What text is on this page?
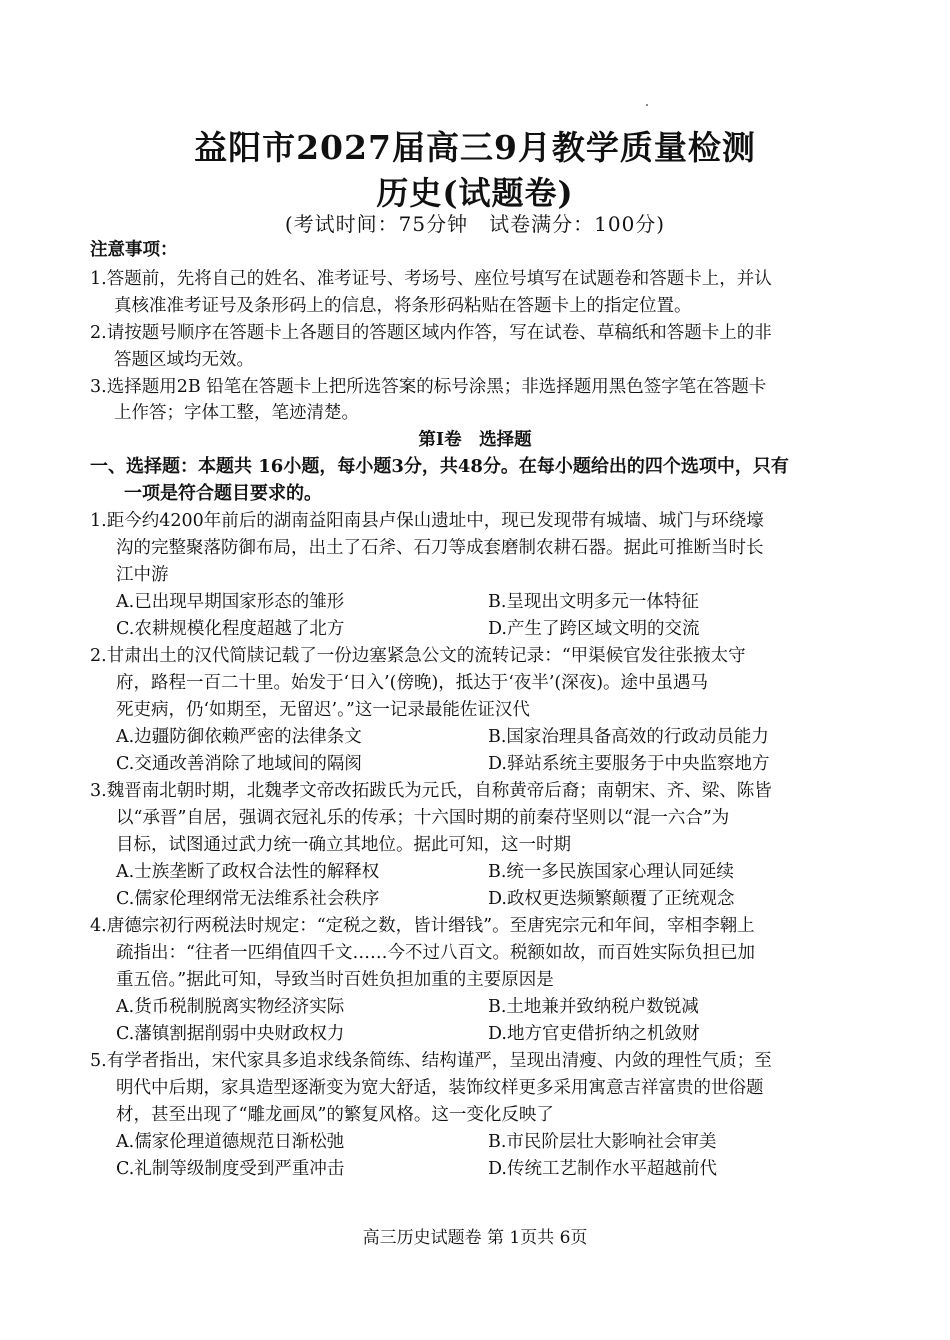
益阳市2027届高三9月教学质量检测
历史(试题卷)
(考试时间：75分钟　试卷满分：100分)
注意事项：
1.答题前，先将自己的姓名、准考证号、考场号、座位号填写在试题卷和答题卡上，并认
真核准准考证号及条形码上的信息，将条形码粘贴在答题卡上的指定位置。
2.请按题号顺序在答题卡上各题目的答题区域内作答，写在试卷、草稿纸和答题卡上的非
答题区域均无效。
3.选择题用2B 铅笔在答题卡上把所选答案的标号涂黑；非选择题用黑色签字笔在答题卡
上作答；字体工整，笔迹清楚。
第Ⅰ卷　选择题
一、选择题：本题共 16小题，每小题3分，共48分。在每小题给出的四个选项中，只有
一项是符合题目要求的。
1.距今约4200年前后的湖南益阳南县卢保山遗址中，现已发现带有城墙、城门与环绕壕
沟的完整聚落防御布局，出土了石斧、石刀等成套磨制农耕石器。据此可推断当时长
江中游
A.已出现早期国家形态的雏形	B.呈现出文明多元一体特征
C.农耕规模化程度超越了北方	D.产生了跨区域文明的交流
2.甘肃出土的汉代简牍记载了一份边塞紧急公文的流转记录：“甲渠候官发往张掖太守
府，路程一百二十里。始发于‘日入’(傍晚)，抵达于‘夜半’(深夜)。途中虽遇马
死吏病，仍‘如期至，无留迟’。”这一记录最能佐证汉代
A.边疆防御依赖严密的法律条文	B.国家治理具备高效的行政动员能力
C.交通改善消除了地域间的隔阂	D.驿站系统主要服务于中央监察地方
3.魏晋南北朝时期，北魏孝文帝改拓跋氏为元氏，自称黄帝后裔；南朝宋、齐、梁、陈皆
以“承晋”自居，强调衣冠礼乐的传承；十六国时期的前秦苻坚则以“混一六合”为
目标，试图通过武力统一确立其地位。据此可知，这一时期
A.士族垄断了政权合法性的解释权	B.统一多民族国家心理认同延续
C.儒家伦理纲常无法维系社会秩序	D.政权更迭频繁颠覆了正统观念
4.唐德宗初行两税法时规定：“定税之数，皆计缗钱”。至唐宪宗元和年间，宰相李翱上
疏指出：“往者一匹绢值四千文……今不过八百文。税额如故，而百姓实际负担已加
重五倍。”据此可知，导致当时百姓负担加重的主要原因是
A.货币税制脱离实物经济实际	B.土地兼并致纳税户数锐减
C.藩镇割据削弱中央财政权力	D.地方官吏借折纳之机敛财
5.有学者指出，宋代家具多追求线条简练、结构谨严，呈现出清瘦、内敛的理性气质；至
明代中后期，家具造型逐渐变为宽大舒适，装饰纹样更多采用寓意吉祥富贵的世俗题
材，甚至出现了“雕龙画凤”的繁复风格。这一变化反映了
A.儒家伦理道德规范日渐松弛	B.市民阶层壮大影响社会审美
C.礼制等级制度受到严重冲击	D.传统工艺制作水平超越前代
高三历史试题卷 第 1页共 6页
